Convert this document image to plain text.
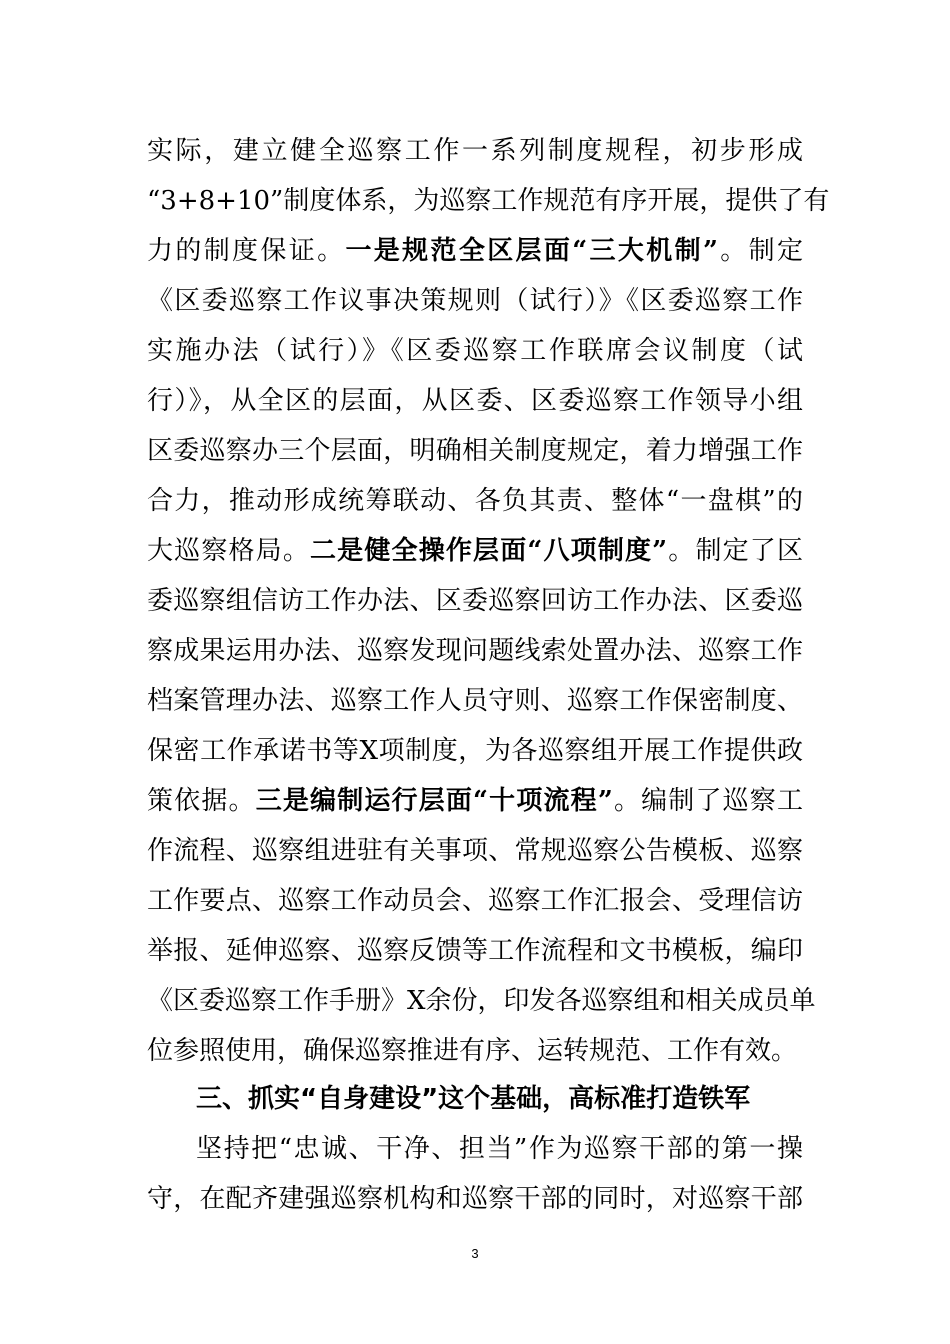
实际，建立健全巡察工作一系列制度规程，初步形成
“3+8+10”制度体系，为巡察工作规范有序开展，提供了有
力的制度保证。一是规范全区层面“三大机制”。制定
《区委巡察工作议事决策规则（试行）》《区委巡察工作
实施办法（试行）》《区委巡察工作联席会议制度（试
行）》，从全区的层面，从区委、区委巡察工作领导小组
区委巡察办三个层面，明确相关制度规定，着力增强工作
合力，推动形成统筹联动、各负其责、整体“一盘棋”的
大巡察格局。二是健全操作层面“八项制度”。制定了区
委巡察组信访工作办法、区委巡察回访工作办法、区委巡
察成果运用办法、巡察发现问题线索处置办法、巡察工作
档案管理办法、巡察工作人员守则、巡察工作保密制度、
保密工作承诺书等X项制度，为各巡察组开展工作提供政
策依据。三是编制运行层面“十项流程”。编制了巡察工
作流程、巡察组进驻有关事项、常规巡察公告模板、巡察
工作要点、巡察工作动员会、巡察工作汇报会、受理信访
举报、延伸巡察、巡察反馈等工作流程和文书模板，编印
《区委巡察工作手册》X余份，印发各巡察组和相关成员单
位参照使用，确保巡察推进有序、运转规范、工作有效。
三、抓实“自身建设”这个基础，高标准打造铁军
坚持把“忠诚、干净、担当”作为巡察干部的第一操
守，在配齐建强巡察机构和巡察干部的同时，对巡察干部
3
